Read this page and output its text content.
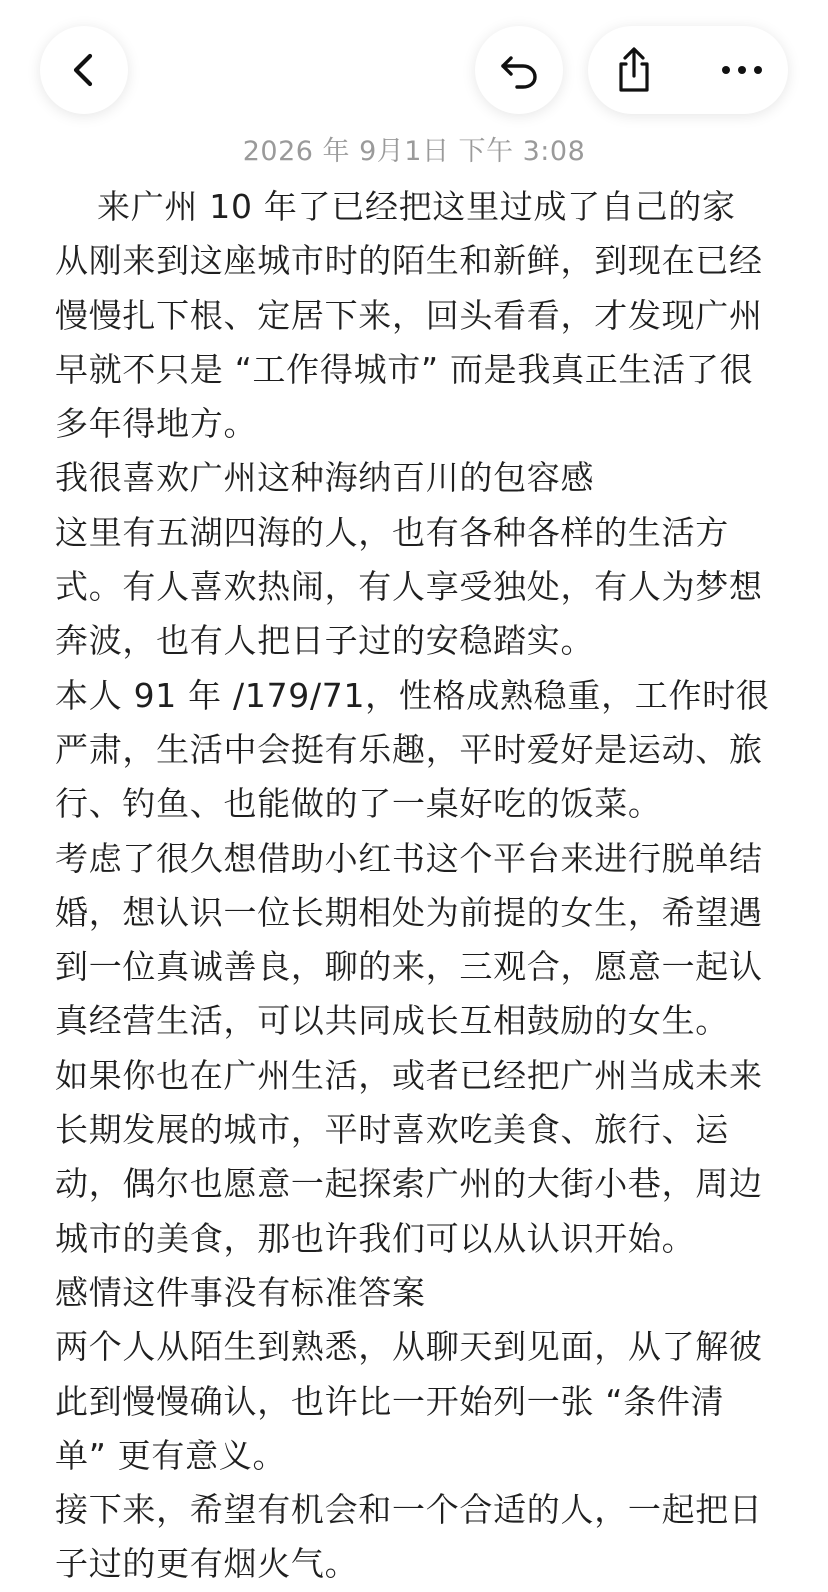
2026 年 9月1日 下午 3:08

来广州 10 年了已经把这里过成了自己的家

从刚来到这座城市时的陌生和新鲜，到现在已经慢慢扎下根、定居下来，回头看看，才发现广州早就不只是 “工作得城市” 而是我真正生活了很多年得地方。

我很喜欢广州这种海纳百川的包容感

这里有五湖四海的人，也有各种各样的生活方式。有人喜欢热闹，有人享受独处，有人为梦想奔波，也有人把日子过的安稳踏实。

本人 91 年 /179/71，性格成熟稳重，工作时很严肃，生活中会挺有乐趣，平时爱好是运动、旅行、钓鱼、也能做的了一桌好吃的饭菜。

考虑了很久想借助小红书这个平台来进行脱单结婚，想认识一位长期相处为前提的女生，希望遇到一位真诚善良，聊的来，三观合，愿意一起认真经营生活，可以共同成长互相鼓励的女生。

如果你也在广州生活，或者已经把广州当成未来长期发展的城市，平时喜欢吃美食、旅行、运动，偶尔也愿意一起探索广州的大街小巷，周边城市的美食，那也许我们可以从认识开始。

感情这件事没有标准答案

两个人从陌生到熟悉，从聊天到见面，从了解彼此到慢慢确认，也许比一开始列一张 “条件清单” 更有意义。

接下来，希望有机会和一个合适的人，一起把日子过的更有烟火气。
